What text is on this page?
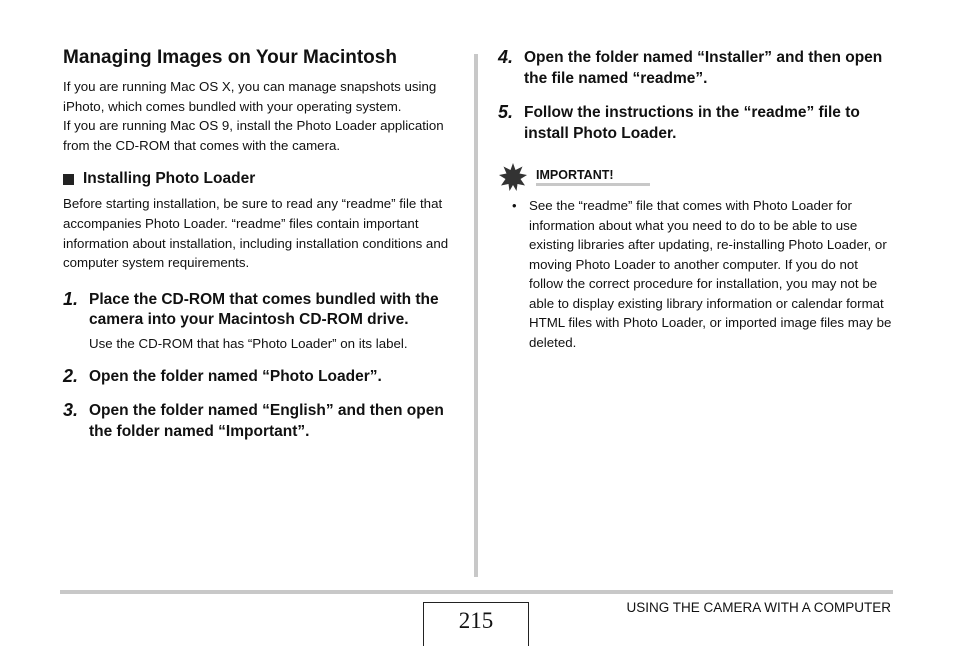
Managing Images on Your Macintosh

If you are running Mac OS X, you can manage snapshots using iPhoto, which comes bundled with your operating system.

If you are running Mac OS 9, install the Photo Loader application from the CD-ROM that comes with the camera.

Installing Photo Loader

Before starting installation, be sure to read any “readme” file that accompanies Photo Loader. “readme” files contain important information about installation, including installation conditions and computer system requirements.

1. Place the CD-ROM that comes bundled with the camera into your Macintosh CD-ROM drive.
Use the CD-ROM that has “Photo Loader” on its label.
2. Open the folder named “Photo Loader”.
3. Open the folder named “English” and then open the folder named “Important”.
4. Open the folder named “Installer” and then open the file named “readme”.
5. Follow the instructions in the “readme” file to install Photo Loader.
IMPORTANT!
• See the “readme” file that comes with Photo Loader for information about what you need to do to be able to use existing libraries after updating, re-installing Photo Loader, or moving Photo Loader to another computer. If you do not follow the correct procedure for installation, you may not be able to display existing library information or calendar format HTML files with Photo Loader, or imported image files may be deleted.
215
USING THE CAMERA WITH A COMPUTER
